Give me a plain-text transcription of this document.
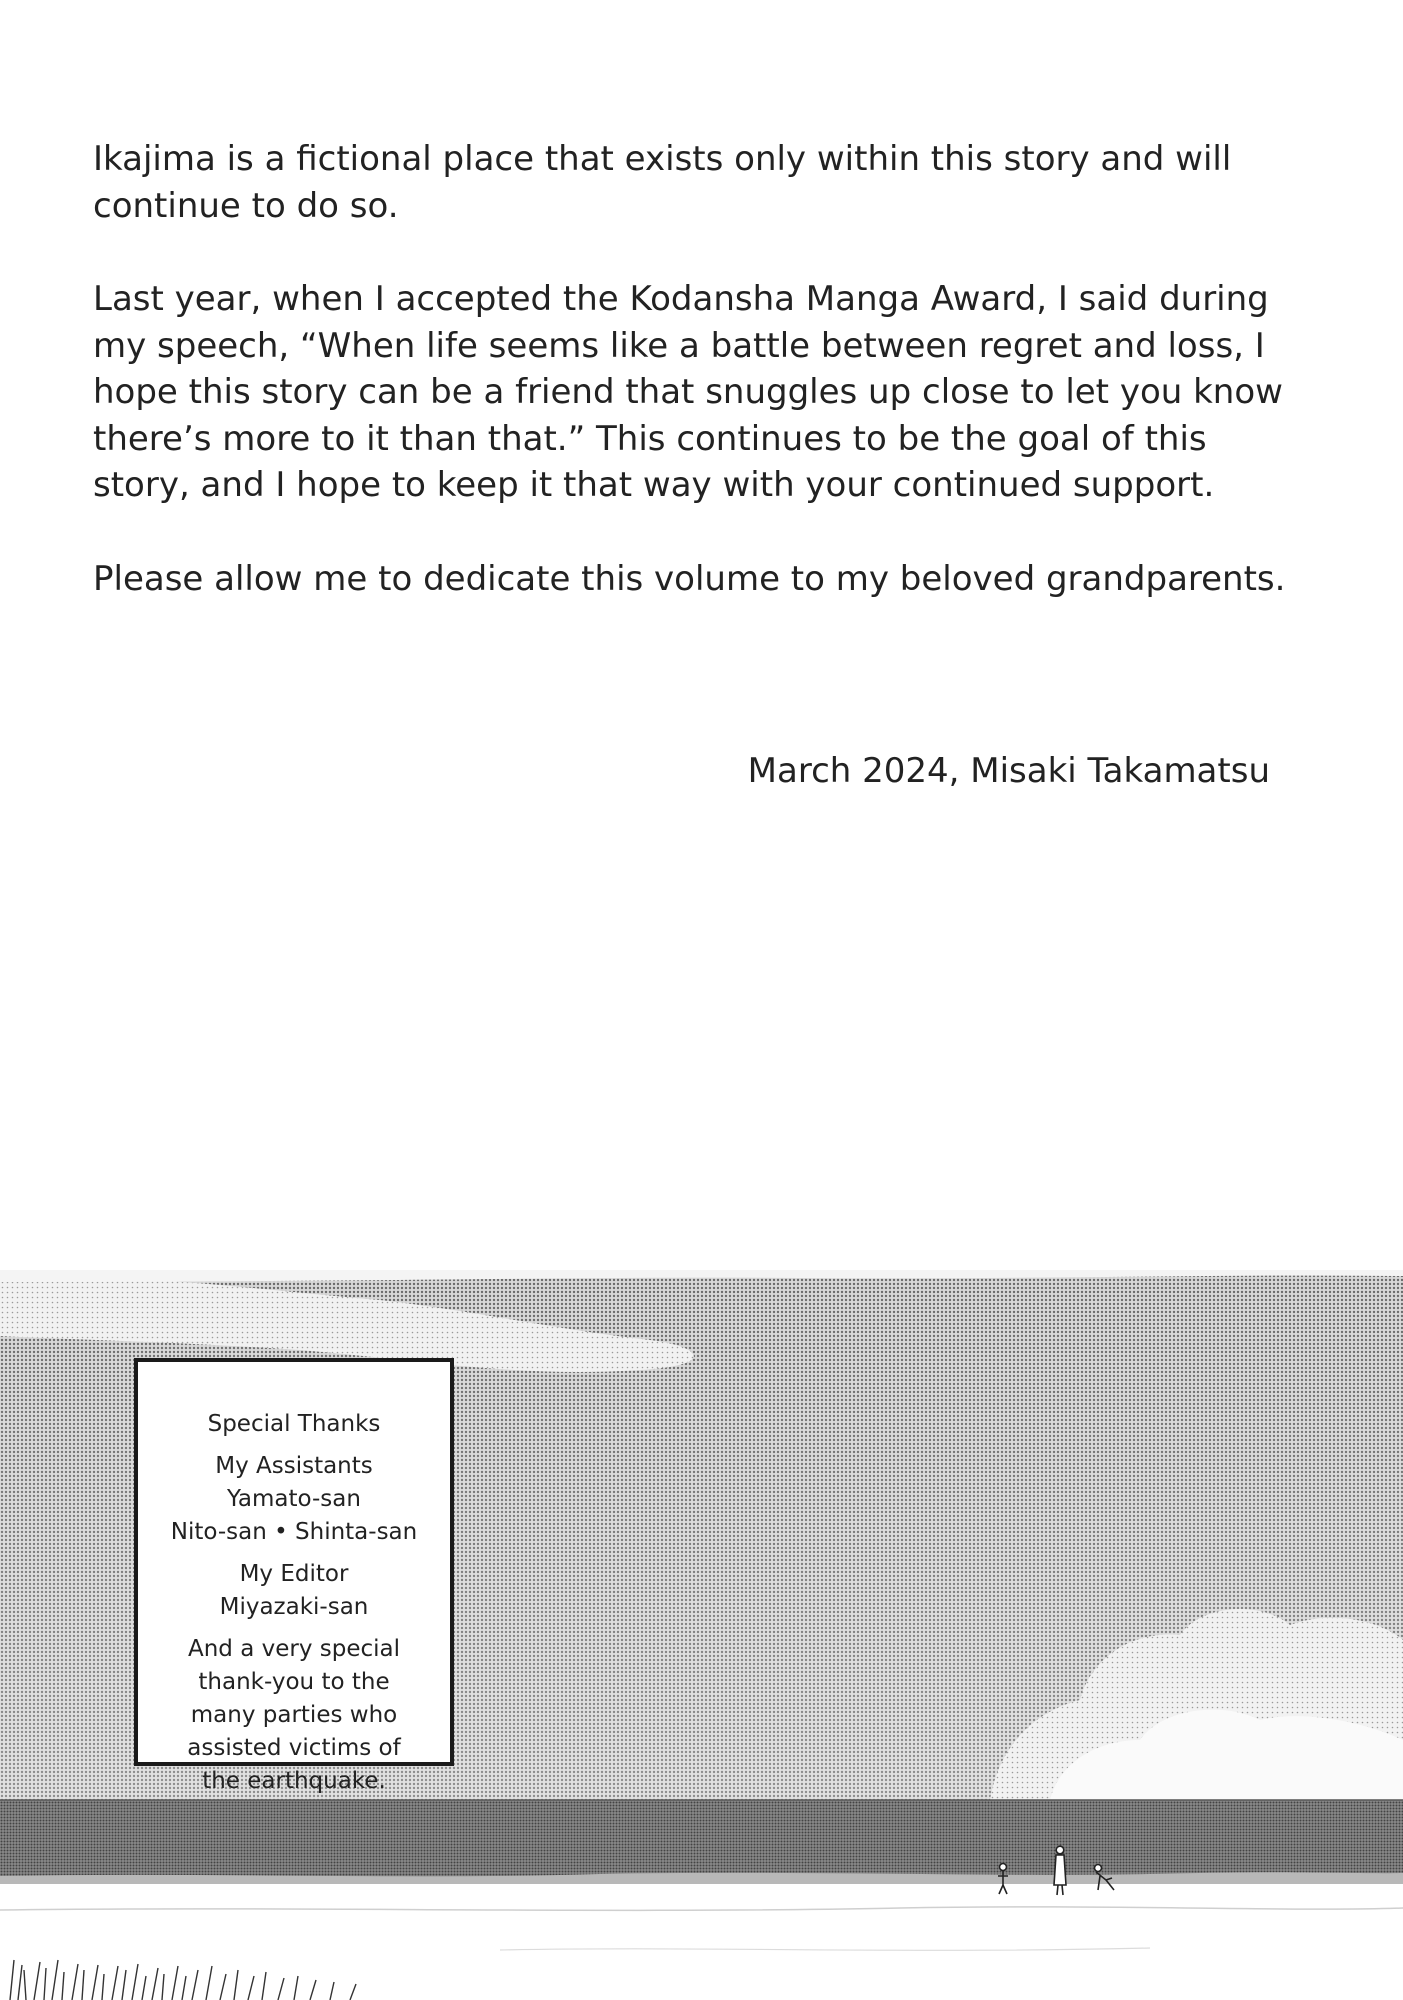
Ikajima is a fictional place that exists only within this story and will continue to do so.

Last year, when I accepted the Kodansha Manga Award, I said during my speech, “When life seems like a battle between regret and loss, I hope this story can be a friend that snuggles up close to let you know there’s more to it than that.” This continues to be the goal of this story, and I hope to keep it that way with your continued support.

Please allow me to dedicate this volume to my beloved grandparents.

March 2024, Misaki Takamatsu
Special Thanks
My Assistants
Yamato-san
Nito-san • Shinta-san
My Editor
Miyazaki-san
And a very special
thank-you to the
many parties who
assisted victims of
the earthquake.
